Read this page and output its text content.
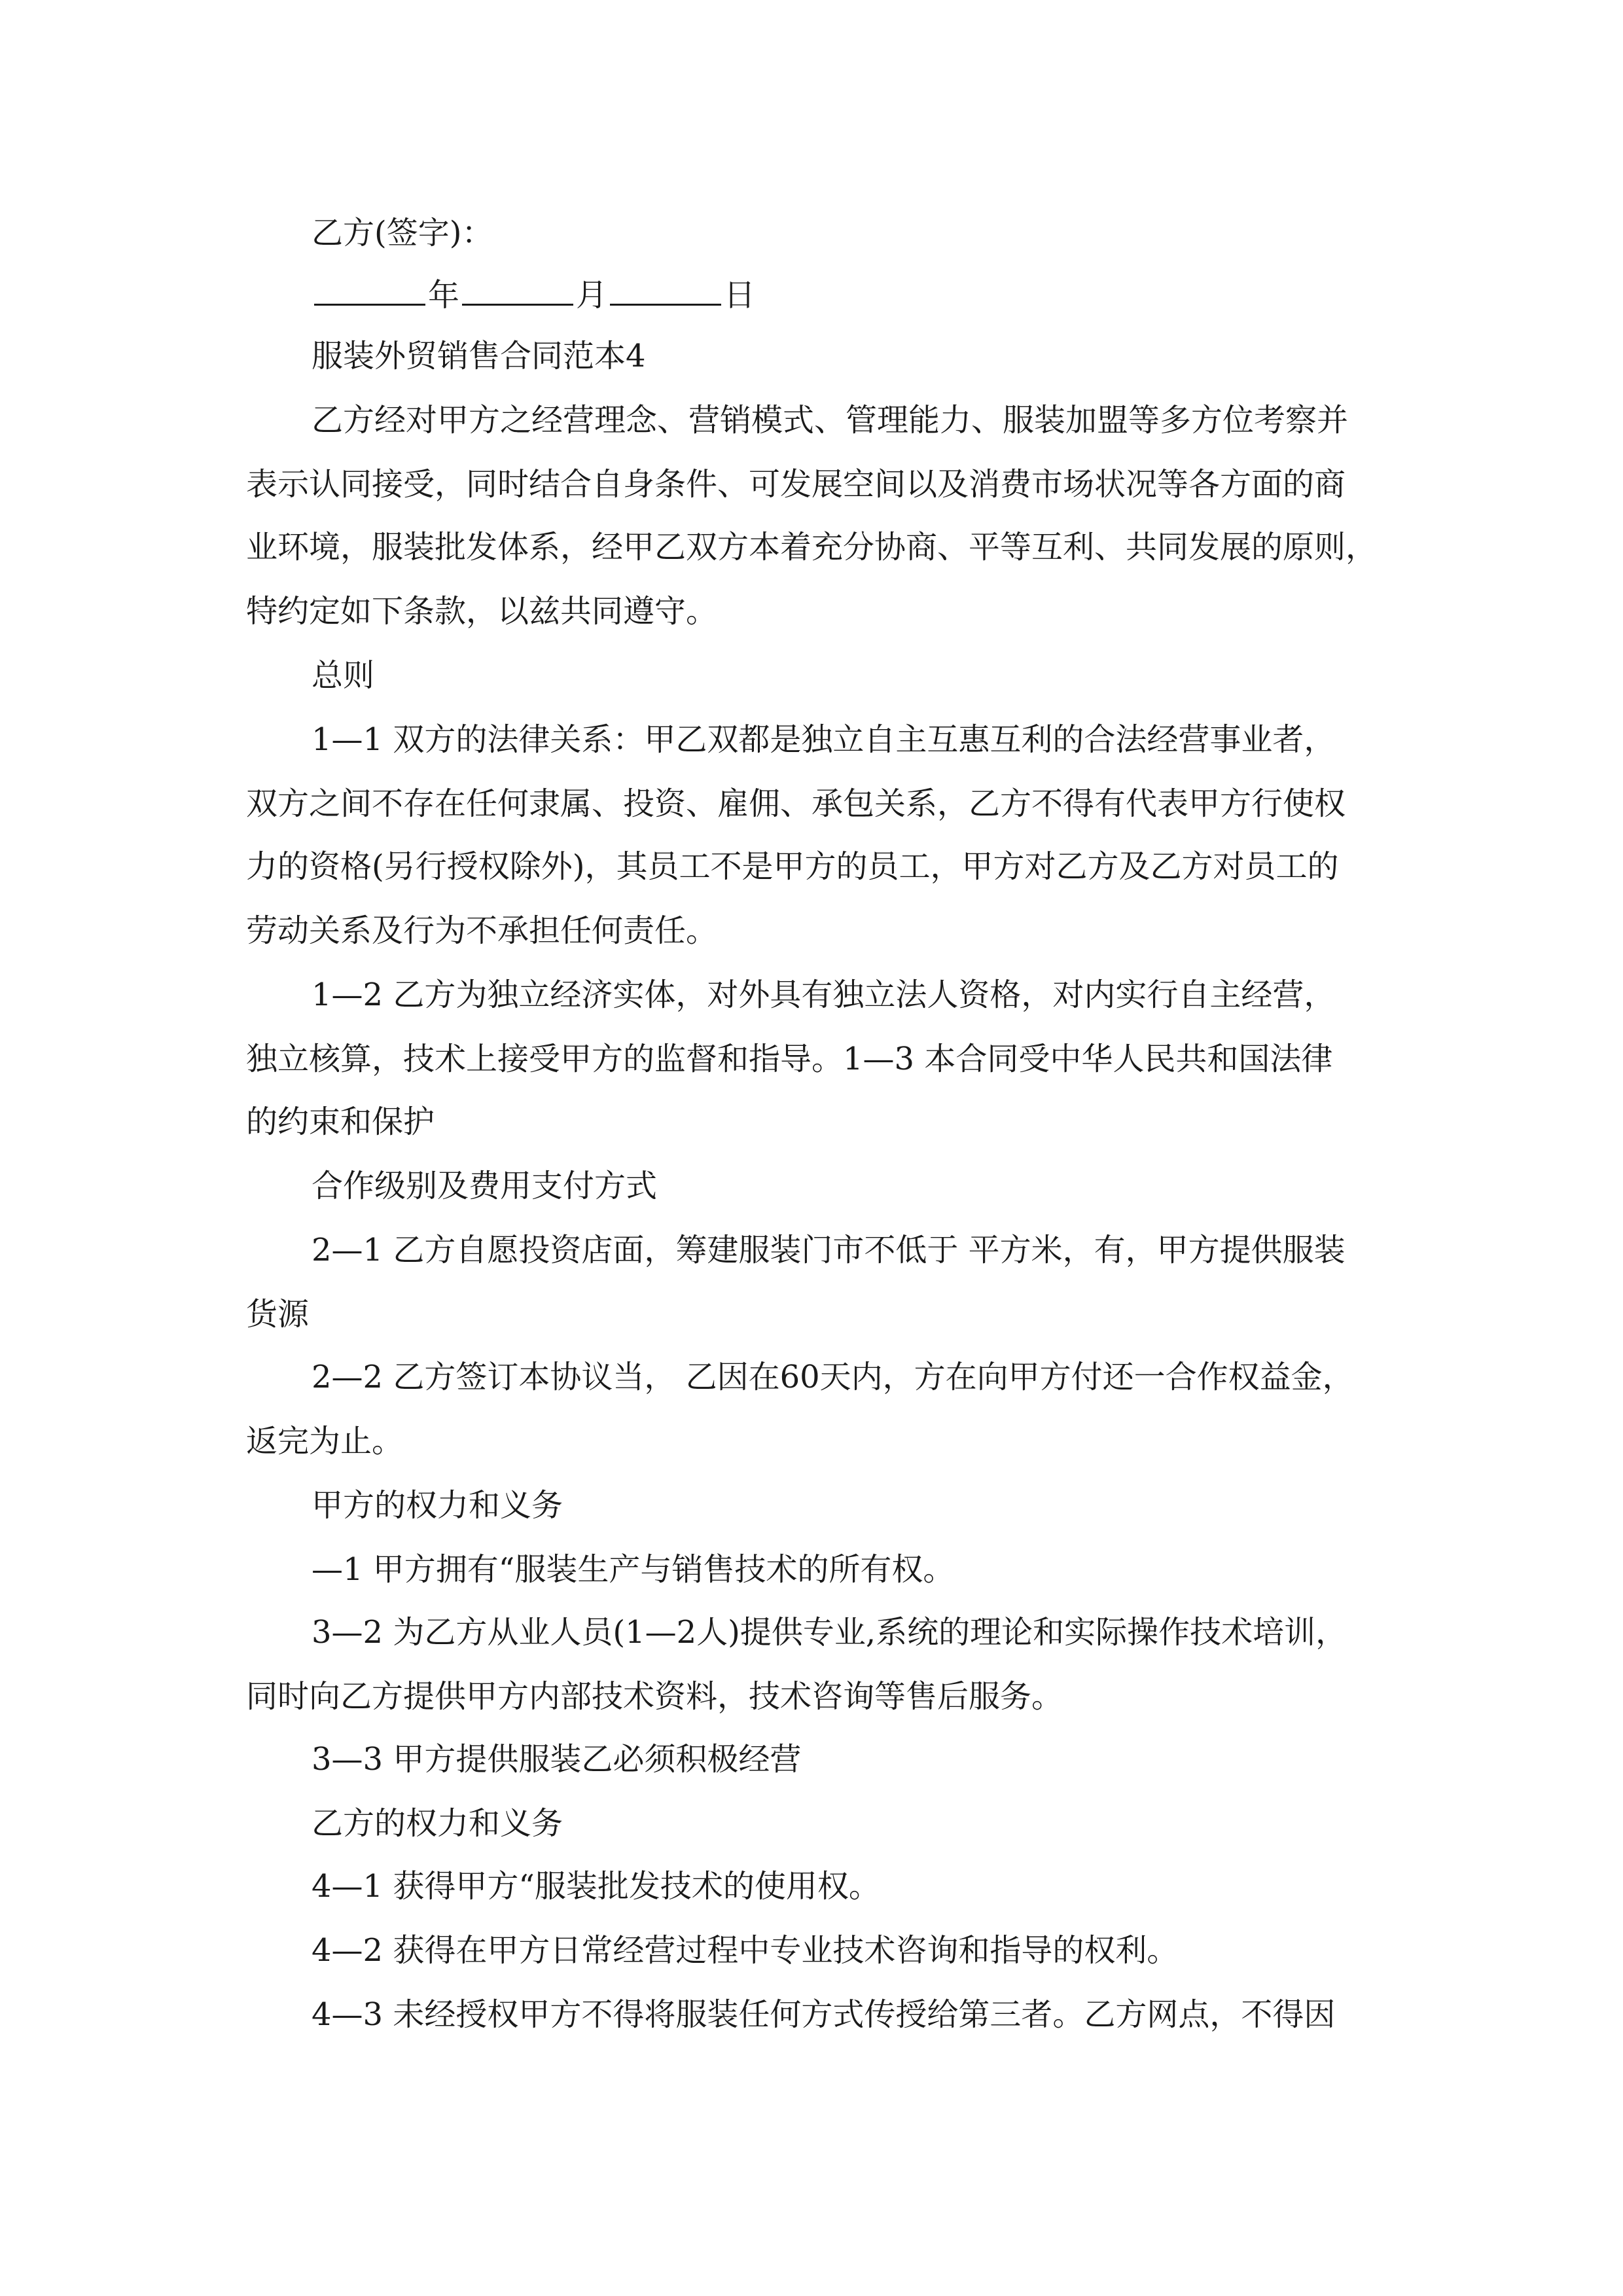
乙方(签字)：
年	月	日
服装外贸销售合同范本4
乙方经对甲方之经营理念、营销模式、管理能力、服装加盟等多方位考察并
表示认同接受，同时结合自身条件、可发展空间以及消费市场状况等各方面的商
业环境，服装批发体系，经甲乙双方本着充分协商、平等互利、共同发展的原则，
特约定如下条款，以兹共同遵守。
总则
1—1 双方的法律关系：甲乙双都是独立自主互惠互利的合法经营事业者，
双方之间不存在任何隶属、投资、雇佣、承包关系，乙方不得有代表甲方行使权
力的资格(另行授权除外)，其员工不是甲方的员工，甲方对乙方及乙方对员工的
劳动关系及行为不承担任何责任。
1—2 乙方为独立经济实体，对外具有独立法人资格，对内实行自主经营，
独立核算，技术上接受甲方的监督和指导。1—3 本合同受中华人民共和国法律
的约束和保护
合作级别及费用支付方式
2—1 乙方自愿投资店面，筹建服装门市不低于 平方米，有，甲方提供服装
货源
2—2 乙方签订本协议当， 乙因在60天内，方在向甲方付还一合作权益金，
返完为止。
甲方的权力和义务
—1 甲方拥有“服装生产与销售技术的所有权。
3—2 为乙方从业人员(1—2人)提供专业,系统的理论和实际操作技术培训，
同时向乙方提供甲方内部技术资料，技术咨询等售后服务。
3—3 甲方提供服装乙必须积极经营
乙方的权力和义务
4—1 获得甲方“服装批发技术的使用权。
4—2 获得在甲方日常经营过程中专业技术咨询和指导的权利。
4—3 未经授权甲方不得将服装任何方式传授给第三者。乙方网点，不得因
